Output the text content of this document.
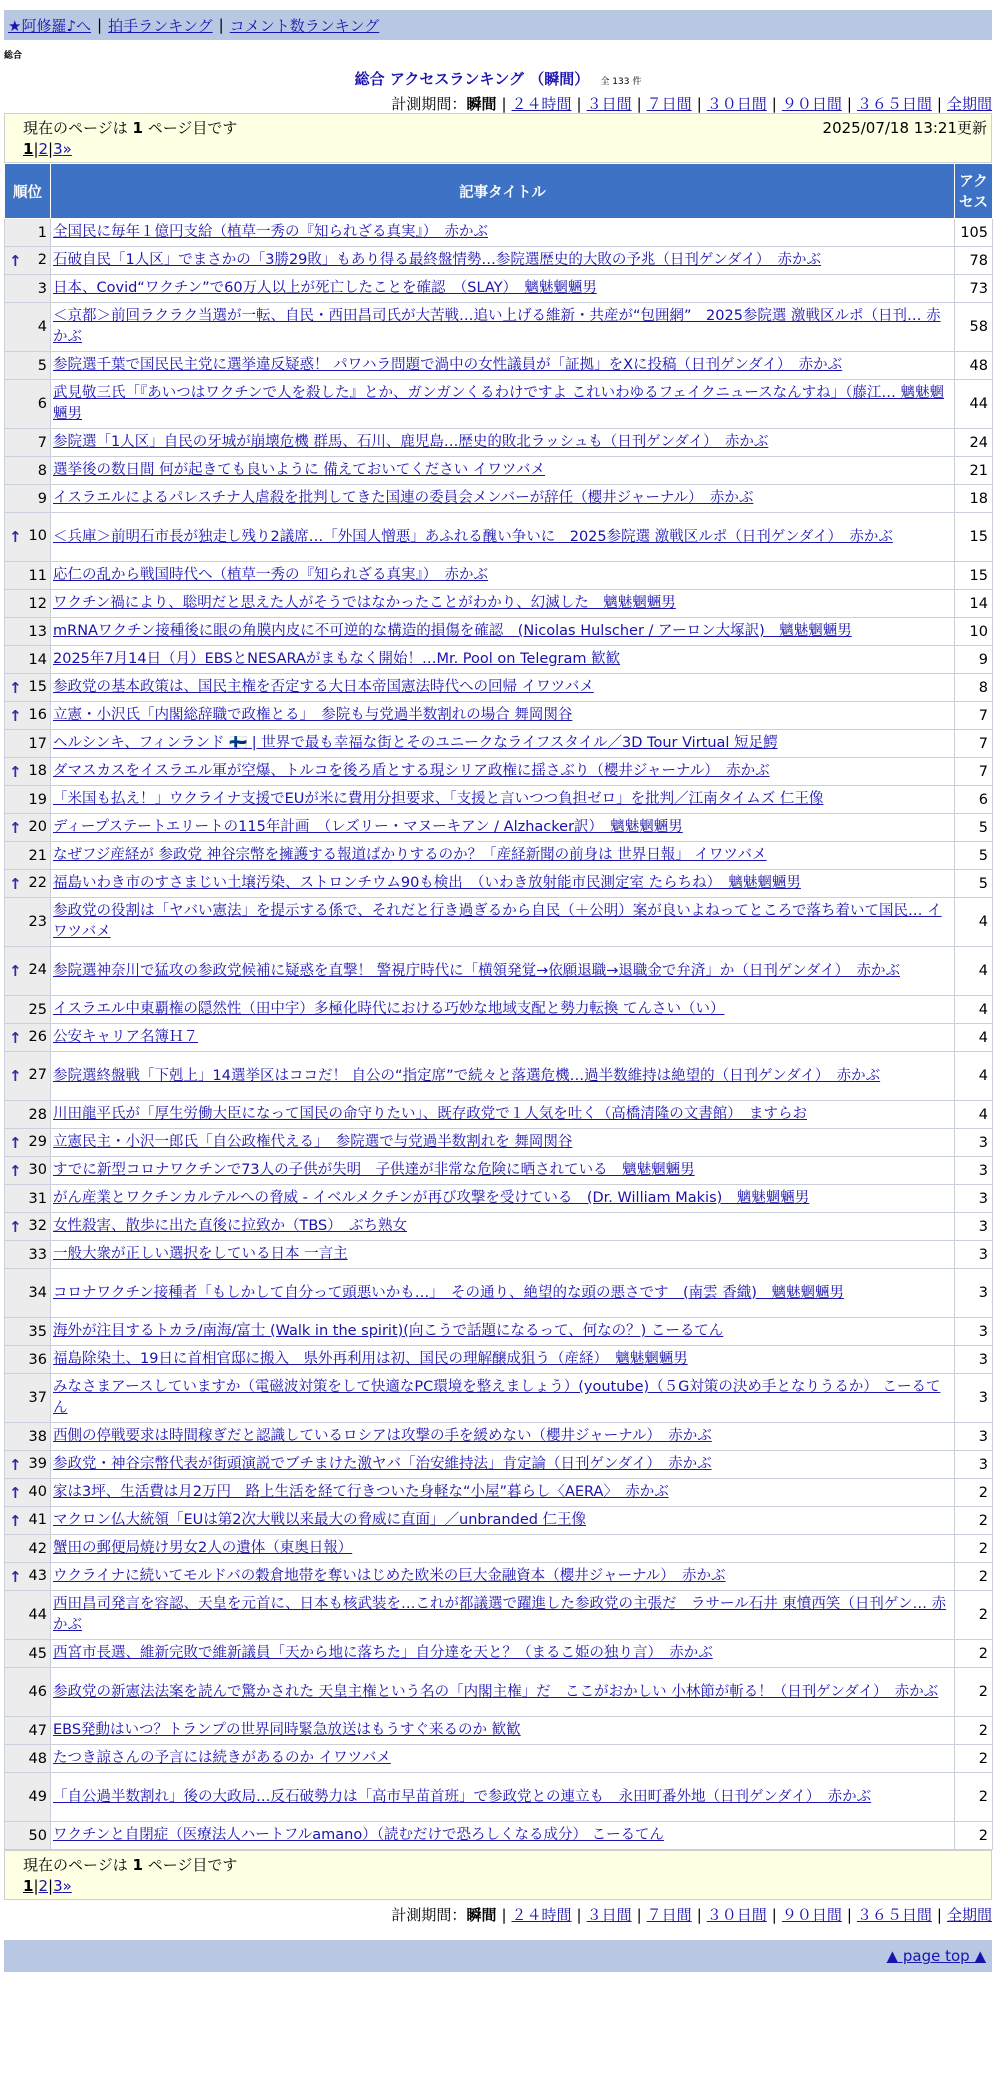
★阿修羅♪へ | 拍手ランキング | コメント数ランキング
総合
総合 アクセスランキング （瞬間） 全 133 件
計測期間：瞬間 | ２４時間 | ３日間 | ７日間 | ３０日間 | ９０日間 | ３６５日間 | 全期間
現在のページは 1 ページ目です	2025/07/18 13:21更新
1 | 2 | 3 »
順位	記事タイトル	アクセス
1	全国民に毎年１億円支給（植草一秀の『知られざる真実』）　赤かぶ	105

↑ 2	石破自民「1人区」でまさかの「3勝29敗」もあり得る最終盤情勢…参院選歴史的大敗の予兆（日刊ゲンダイ）　赤かぶ	78
3	日本、Covid“ワクチン”で60万人以上が死亡したことを確認　（SLAY）　魑魅魍魎男	73
4	＜京都＞前回ラクラク当選が一転、自民・西田昌司氏が大苦戦…追い上げる維新・共産が“包囲網”　2025参院選 激戦区ルポ（日刊… 赤かぶ	58
5	参院選千葉で国民民主党に選挙違反疑惑！ パワハラ問題で渦中の女性議員が「証拠」をXに投稿（日刊ゲンダイ）　赤かぶ	48
6	武見敬三氏「『あいつはワクチンで人を殺した』とか、ガンガンくるわけですよ これいわゆるフェイクニュースなんすね」（藤江… 魑魅魍魎男	44
7	参院選「1人区」自民の牙城が崩壊危機 群馬、石川、鹿児島…歴史的敗北ラッシュも（日刊ゲンダイ）　赤かぶ	24
8	選挙後の数日間 何が起きても良いように 備えておいてください イワツバメ	21
9	イスラエルによるパレスチナ人虐殺を批判してきた国連の委員会メンバーが辞任（櫻井ジャーナル）　赤かぶ	18

↑ 10	＜兵庫＞前明石市長が独走し残り2議席…「外国人憎悪」あふれる醜い争いに　2025参院選 激戦区ルポ（日刊ゲンダイ）　赤かぶ	15
11	応仁の乱から戦国時代へ（植草一秀の『知られざる真実』）　赤かぶ	15
12	ワクチン禍により、聡明だと思えた人がそうではなかったことがわかり、幻滅した　魑魅魍魎男	14
13	mRNAワクチン接種後に眼の角膜内皮に不可逆的な構造的損傷を確認　(Nicolas Hulscher / アーロン大塚訳)　魑魅魍魎男	10
14	2025年7月14日（月）EBSとNESARAがまもなく開始！…Mr. Pool on Telegram 歓歓	9

↑ 15	参政党の基本政策は、国民主権を否定する大日本帝国憲法時代への回帰 イワツバメ	8

↑ 16	立憲・小沢氏「内閣総辞職で政権とる」　参院も与党過半数割れの場合 舞岡関谷	7
17	ヘルシンキ、フィンランド 🇫🇮 | 世界で最も幸福な街とそのユニークなライフスタイル／3D Tour Virtual 短足鰐	7

↑ 18	ダマスカスをイスラエル軍が空爆、トルコを後ろ盾とする現シリア政権に揺さぶり（櫻井ジャーナル）　赤かぶ	7
19	「米国も払え！」ウクライナ支援でEUが米に費用分担要求、「支援と言いつつ負担ゼロ」を批判／江南タイムズ 仁王像	6

↑ 20	ディープステートエリートの115年計画　（レズリー・マヌーキアン / Alzhacker訳）　魑魅魍魎男	5
21	なぜフジ産経が 参政党 神谷宗幣を擁護する報道ばかりするのか？「産経新聞の前身は 世界日報」 イワツバメ	5

↑ 22	福島いわき市のすさまじい土壌汚染、ストロンチウム90も検出　（いわき放射能市民測定室 たらちね）　魑魅魍魎男	5
23	参政党の役割は「ヤバい憲法」を提示する係で、それだと行き過ぎるから自民（＋公明）案が良いよねってところで落ち着いて国民… イワツバメ	4

↑ 24	参院選神奈川で猛攻の参政党候補に疑惑を直撃！ 警視庁時代に「横領発覚→依願退職→退職金で弁済」か（日刊ゲンダイ）　赤かぶ	4
25	イスラエル中東覇権の隠然性（田中宇）多極化時代における巧妙な地域支配と勢力転換 てんさい（い）	4

↑ 26	公安キャリア名簿Ｈ７	4

↑ 27	参院選終盤戦「下剋上」14選挙区はココだ！ 自公の“指定席”で続々と落選危機…過半数維持は絶望的（日刊ゲンダイ）　赤かぶ	4
28	川田龍平氏が「厚生労働大臣になって国民の命守りたい」、既存政党で１人気を吐く（高橋清隆の文書館）　ますらお	4

↑ 29	立憲民主・小沢一郎氏「自公政権代える」　参院選で与党過半数割れを 舞岡関谷	3

↑ 30	すでに新型コロナワクチンで73人の子供が失明　子供達が非常な危険に晒されている　魑魅魍魎男	3
31	がん産業とワクチンカルテルへの脅威 - イベルメクチンが再び攻撃を受けている　(Dr. William Makis)　魑魅魍魎男	3

↑ 32	女性殺害、散歩に出た直後に拉致か（TBS）　ぶち熟女	3
33	一般大衆が正しい選択をしている日本 一言主	3
34	コロナワクチン接種者「もしかして自分って頭悪いかも…」　その通り、絶望的な頭の悪さです　(南雲 香織)　魑魅魍魎男	3
35	海外が注目するトカラ/南海/富士 (Walk in the spirit)(向こうで話題になるって、何なの？) こーるてん	3
36	福島除染土、19日に首相官邸に搬入　県外再利用は初、国民の理解醸成狙う（産経）　魑魅魍魎男	3
37	みなさまアースしていますか（電磁波対策をして快適なPC環境を整えましょう）(youtube)（５G対策の決め手となりうるか） こーるてん	3
38	西側の停戦要求は時間稼ぎだと認識しているロシアは攻撃の手を緩めない（櫻井ジャーナル）　赤かぶ	3

↑ 39	参政党・神谷宗幣代表が街頭演説でブチまけた激ヤバ「治安維持法」肯定論（日刊ゲンダイ）　赤かぶ	3

↑ 40	家は3坪、生活費は月2万円　路上生活を経て行きついた身軽な“小屋”暮らし〈AERA〉　赤かぶ	2

↑ 41	マクロン仏大統領「EUは第2次大戦以来最大の脅威に直面」／unbranded 仁王像	2
42	蟹田の郵便局焼け男女2人の遺体（東奥日報）	2

↑ 43	ウクライナに続いてモルドバの穀倉地帯を奪いはじめた欧米の巨大金融資本（櫻井ジャーナル）　赤かぶ	2
44	西田昌司発言を容認、天皇を元首に、日本も核武装を…これが都議選で躍進した参政党の主張だ　ラサール石井 東憤西笑（日刊ゲン… 赤かぶ	2
45	西宮市長選、維新完敗で維新議員「天から地に落ちた」自分達を天と？（まるこ姫の独り言）　赤かぶ	2
46	参政党の新憲法法案を読んで驚かされた 天皇主権という名の「内閣主権」だ　ここがおかしい 小林節が斬る！（日刊ゲンダイ）　赤かぶ	2
47	EBS発動はいつ？トランプの世界同時緊急放送はもうすぐ来るのか 歓歓	2
48	たつき諒さんの予言には続きがあるのか イワツバメ	2
49	「自公過半数割れ」後の大政局…反石破勢力は「高市早苗首班」で参政党との連立も　永田町番外地（日刊ゲンダイ）　赤かぶ	2
50	ワクチンと自閉症（医療法人ハートフルamano）（読むだけで恐ろしくなる成分） こーるてん	2
現在のページは 1 ページ目です
1 | 2 | 3 »
計測期間：瞬間 | ２４時間 | ３日間 | ７日間 | ３０日間 | ９０日間 | ３６５日間 | 全期間
▲ page top ▲
